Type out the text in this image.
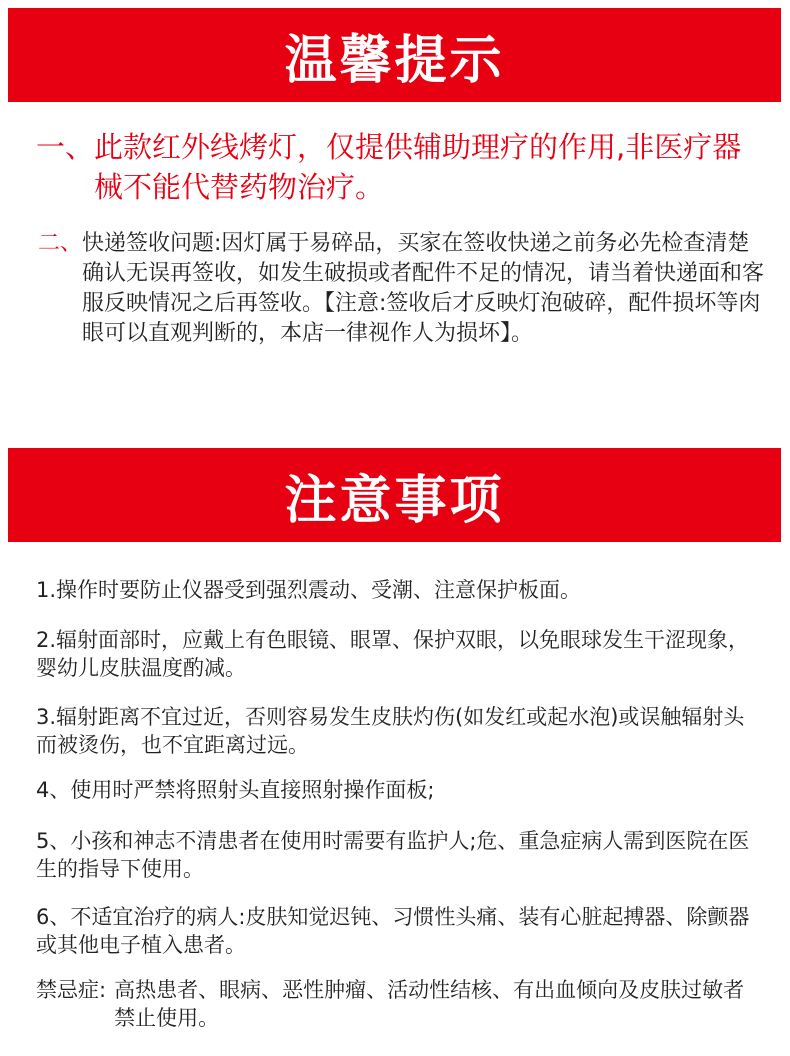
温馨提示
一、 此款红外线烤灯，仅提供辅助理疗的作用,非医疗器械不能代替药物治疗。
二、 快递签收问题:因灯属于易碎品，买家在签收快递之前务必先检查清楚确认无误再签收，如发生破损或者配件不足的情况，请当着快递面和客服反映情况之后再签收。【注意:签收后才反映灯泡破碎，配件损坏等肉眼可以直观判断的，本店一律视作人为损坏】。
注意事项
1.操作时要防止仪器受到强烈震动、受潮、注意保护板面。
2.辐射面部时，应戴上有色眼镜、眼罩、保护双眼，以免眼球发生干涩现象，婴幼儿皮肤温度酌减。
3.辐射距离不宜过近，否则容易发生皮肤灼伤(如发红或起水泡)或误触辐射头而被烫伤，也不宜距离过远。
4、使用时严禁将照射头直接照射操作面板;
5、小孩和神志不清患者在使用时需要有监护人;危、重急症病人需到医院在医生的指导下使用。
6、不适宜治疗的病人:皮肤知觉迟钝、习惯性头痛、装有心脏起搏器、除颤器或其他电子植入患者。
禁忌症: 高热患者、眼病、恶性肿瘤、活动性结核、有出血倾向及皮肤过敏者禁止使用。
